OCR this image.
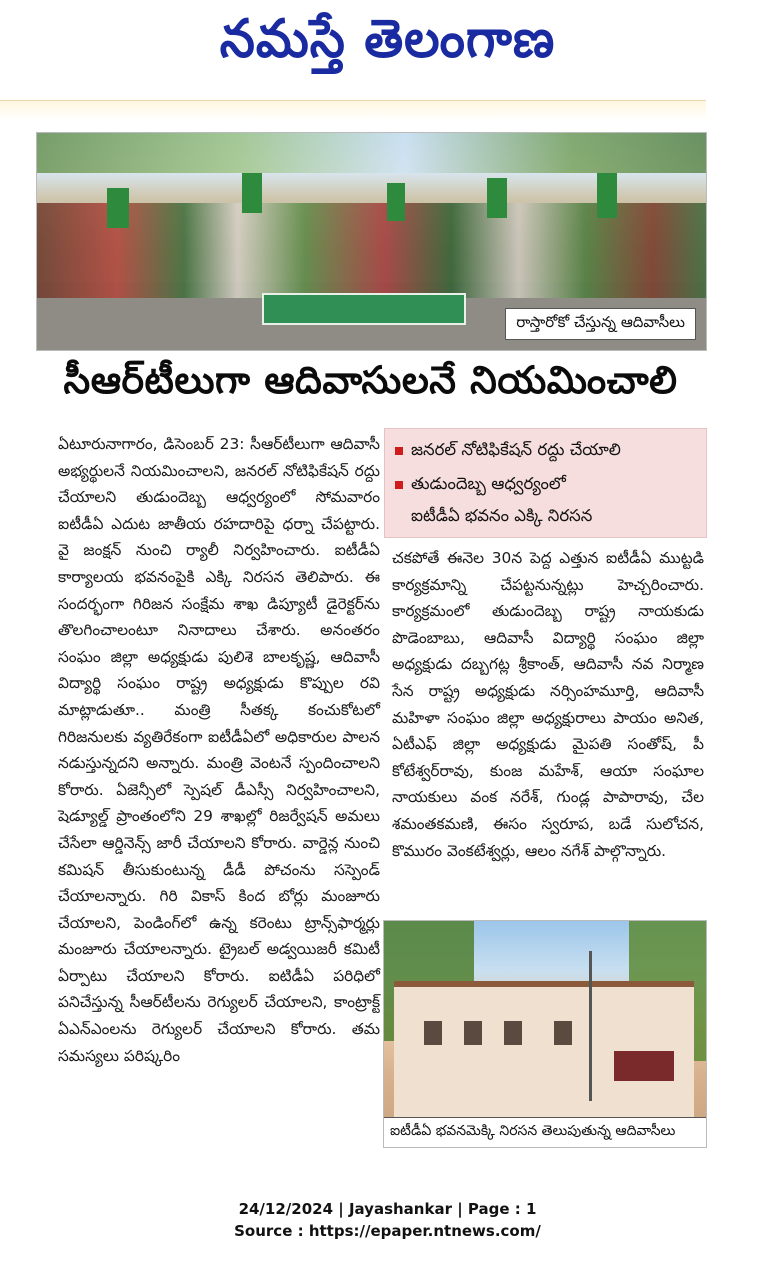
నమస్తే తెలంగాణ
రాస్తారోకో చేస్తున్న ఆదివాసీలు
సీఆర్‌టీలుగా ఆదివాసులనే నియమించాలి

ఏటూరునాగారం, డిసెంబర్ 23: సీఆర్‌టీలుగా ఆదివాసీ అభ్యర్థులనే నియమించాలని, జనరల్ నోటిఫికేషన్ రద్దు చేయాలని తుడుందెబ్బ ఆధ్వర్యంలో సోమవారం ఐటీడీఏ ఎదుట జాతీయ రహదారిపై ధర్నా చేపట్టారు. వై జంక్షన్ నుంచి ర్యాలీ నిర్వహించారు. ఐటీడీఏ కార్యాలయ భవనంపైకి ఎక్కి నిరసన తెలిపారు. ఈ సందర్భంగా గిరిజన సంక్షేమ శాఖ డిప్యూటీ డైరెక్టర్‌ను తొలగించాలంటూ నినాదాలు చేశారు. అనంతరం సంఘం జిల్లా అధ్యక్షుడు పులిశె బాలకృష్ణ, ఆదివాసీ విద్యార్థి సంఘం రాష్ట్ర అధ్యక్షుడు కొప్పుల రవి మాట్లాడుతూ.. మంత్రి సీతక్క కంచుకోటలో గిరిజనులకు వ్యతిరేకంగా ఐటీడీఏలో అధికారుల పాలన నడుస్తున్నదని అన్నారు. మంత్రి వెంటనే స్పందించాలని కోరారు. ఏజెన్సీలో స్పెషల్ డీఎస్సీ నిర్వహించాలని, షెడ్యూల్డ్ ప్రాంతంలోని 29 శాఖల్లో రిజర్వేషన్ అమలు చేసేలా ఆర్డినెన్స్ జారీ చేయాలని కోరారు. వార్డెన్ల నుంచి కమిషన్ తీసుకుంటున్న డీడీ పోచంను సస్పెండ్ చేయాలన్నారు. గిరి వికాస్ కింద బోర్లు మంజూరు చేయాలని, పెండింగ్‌లో ఉన్న కరెంటు ట్రాన్స్‌ఫార్మర్లు మంజూరు చేయాలన్నారు. ట్రైబల్ అడ్వయిజరీ కమిటీ ఏర్పాటు చేయాలని కోరారు. ఐటిడీఏ పరిధిలో పనిచేస్తున్న సీఆర్‌టీలను రెగ్యులర్ చేయాలని, కాంట్రాక్ట్ ఏఎన్‌ఎంలను రెగ్యులర్ చేయాలని కోరారు. తమ సమస్యలు పరిష్కరిం

జనరల్ నోటిఫికేషన్ రద్దు చేయాలి
తుడుందెబ్బ ఆధ్వర్యంలో
ఐటీడీఏ భవనం ఎక్కి నిరసన

చకపోతే ఈనెల 30న పెద్ద ఎత్తున ఐటీడీఏ ముట్టడి కార్యక్రమాన్ని చేపట్టనున్నట్లు హెచ్చరించారు. కార్యక్రమంలో తుడుందెబ్బ రాష్ట్ర నాయకుడు పొడెంబాబు, ఆదివాసీ విద్యార్థి సంఘం జిల్లా అధ్యక్షుడు దబ్బగట్ల శ్రీకాంత్, ఆదివాసీ నవ నిర్మాణ సేన రాష్ట్ర అధ్యక్షుడు నర్సింహమూర్తి, ఆదివాసీ మహిళా సంఘం జిల్లా అధ్యక్షురాలు పాయం అనిత, ఏటీఎఫ్ జిల్లా అధ్యక్షుడు మైపతి సంతోష్, పీ కోటేశ్వర్‌రావు, కుంజ మహేశ్, ఆయా సంఘాల నాయకులు వంక నరేశ్, గుండ్ల పాపారావు, చేల శమంతకమణి, ఈసం స్వరూప, బడే సులోచన, కొమురం వెంకటేశ్వర్లు, ఆలం నగేశ్ పాల్గొన్నారు.

ఐటీడీఏ భవనమెక్కి నిరసన తెలుపుతున్న ఆదివాసీలు
24/12/2024 | Jayashankar | Page : 1
Source : https://epaper.ntnews.com/
